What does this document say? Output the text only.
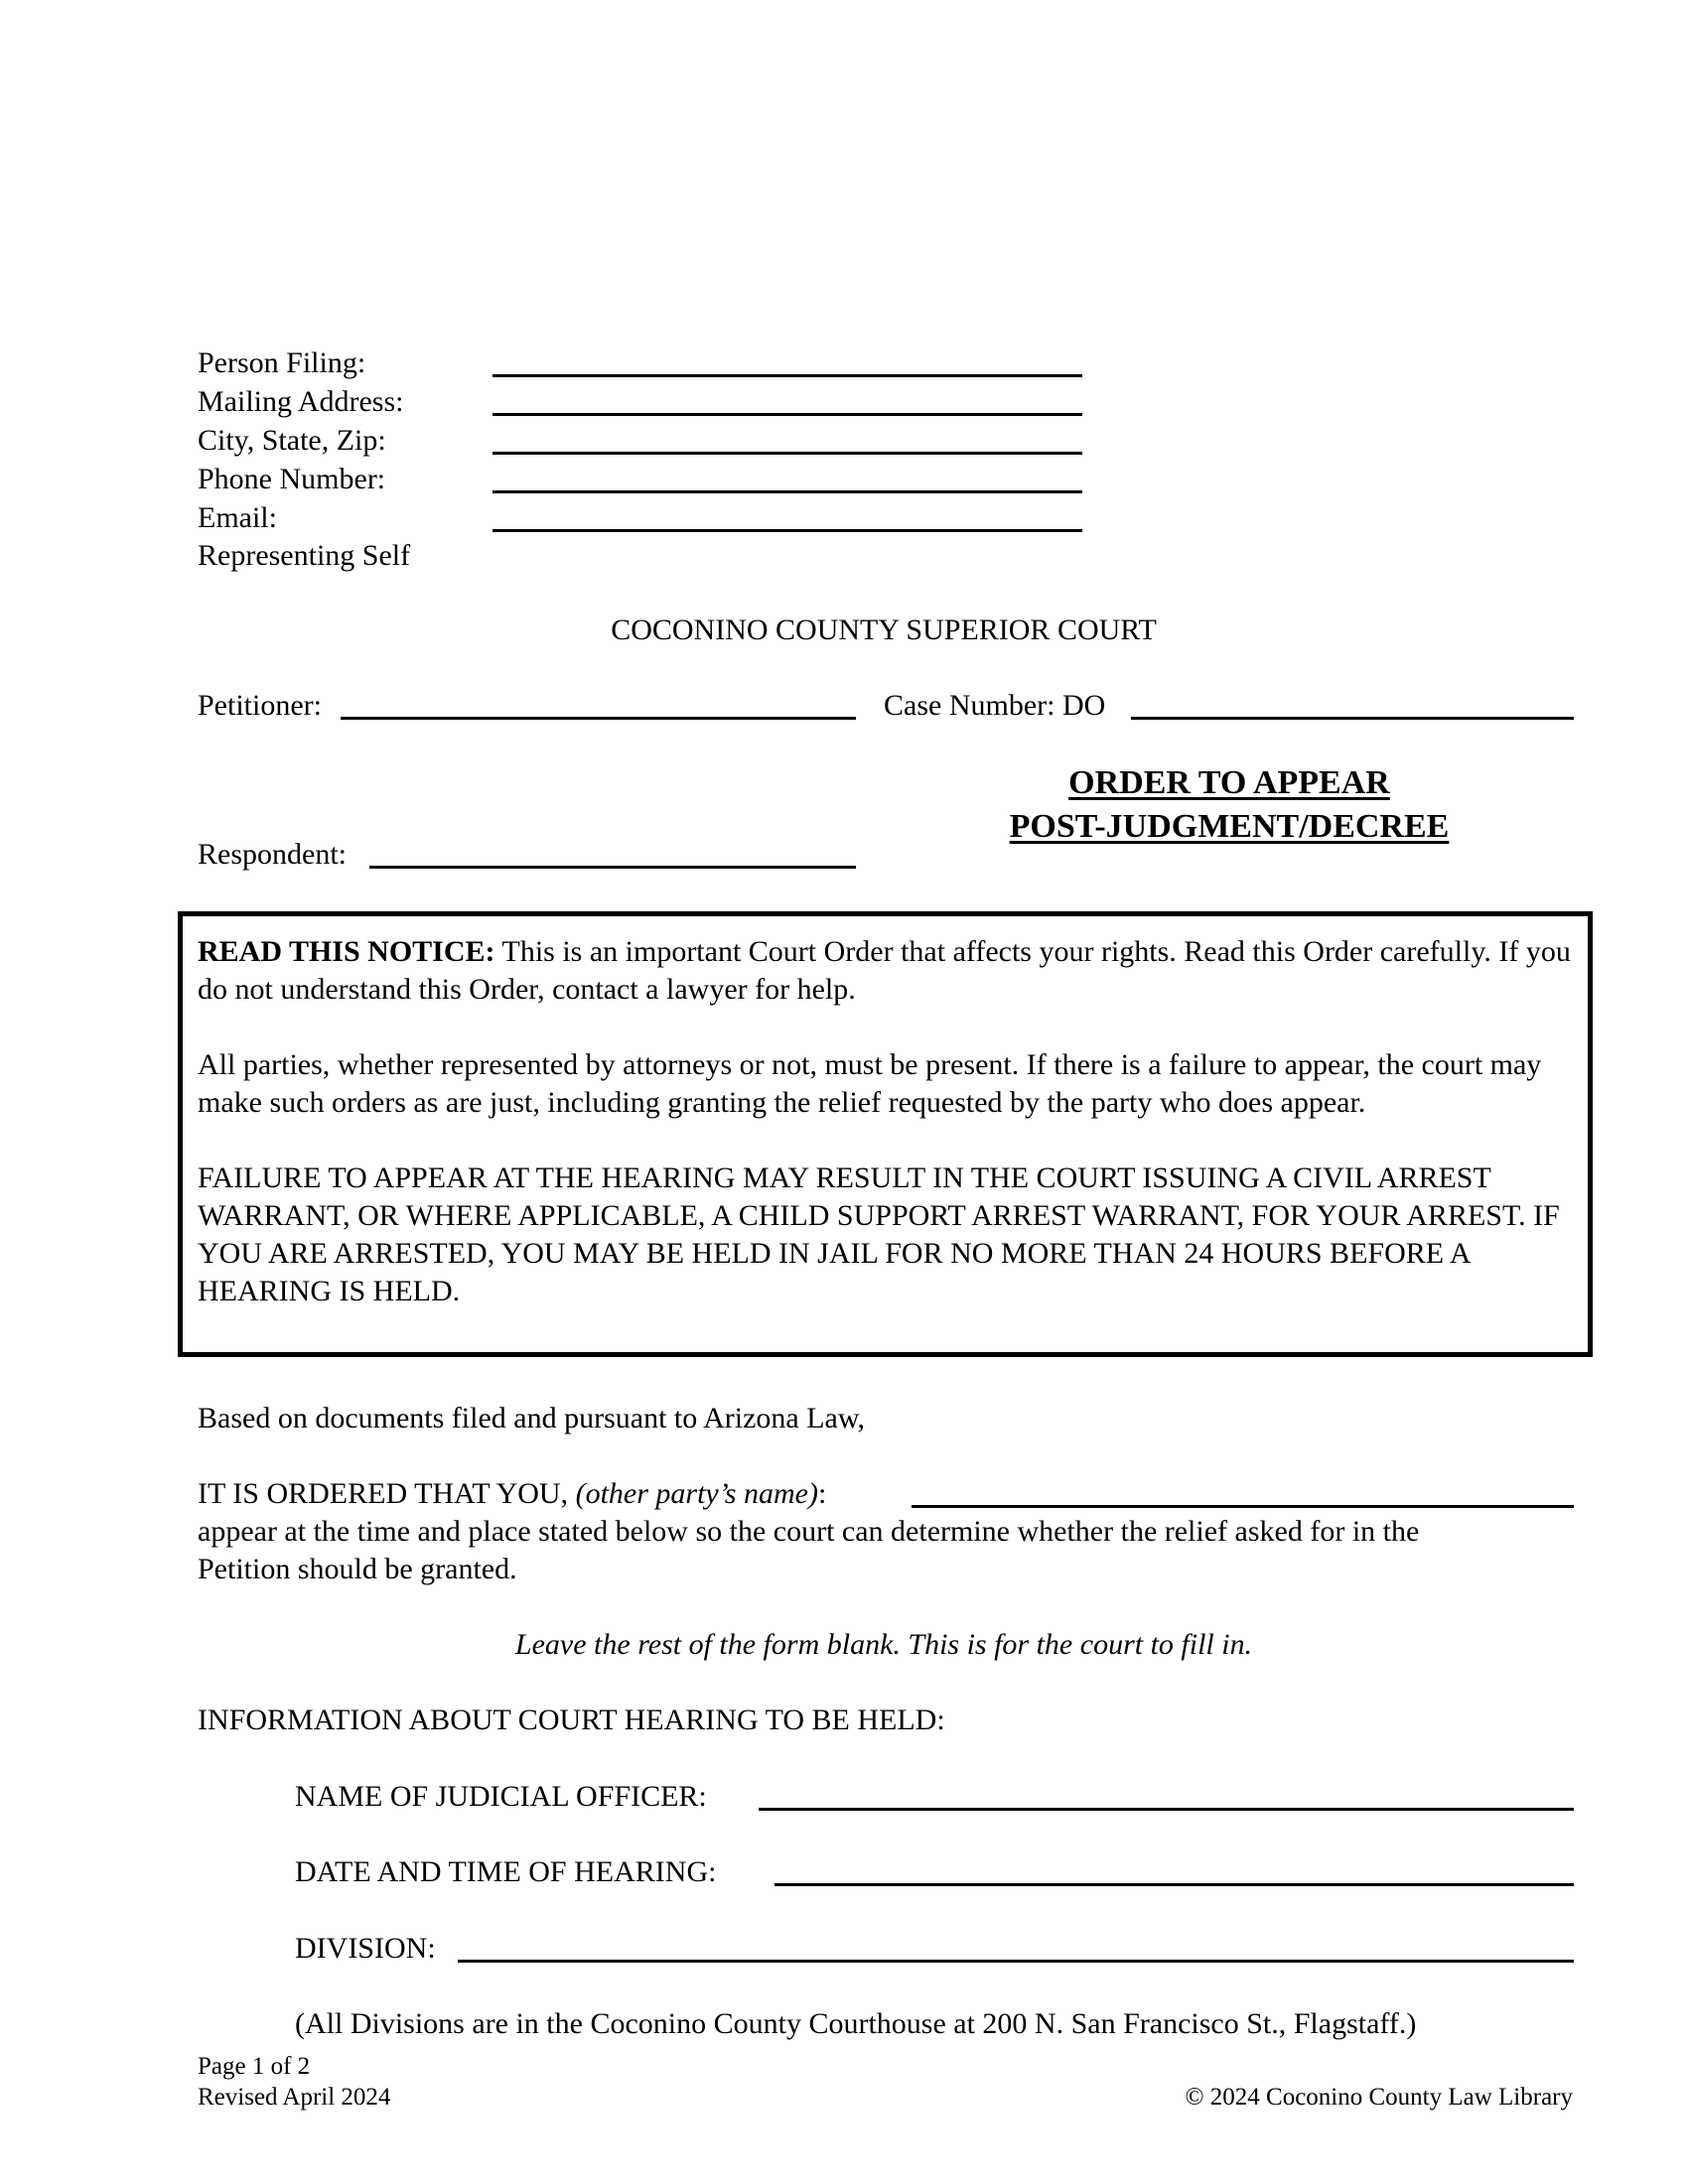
Person Filing:
Mailing Address:
City, State, Zip:
Phone Number:
Email:
Representing Self
COCONINO COUNTY SUPERIOR COURT
Petitioner:	Case Number: DO
ORDER TO APPEAR
POST-JUDGMENT/DECREE
Respondent:

READ THIS NOTICE: This is an important Court Order that affects your rights. Read this Order carefully. If you do not understand this Order, contact a lawyer for help.

All parties, whether represented by attorneys or not, must be present. If there is a failure to appear, the court may make such orders as are just, including granting the relief requested by the party who does appear.

FAILURE TO APPEAR AT THE HEARING MAY RESULT IN THE COURT ISSUING A CIVIL ARREST WARRANT, OR WHERE APPLICABLE, A CHILD SUPPORT ARREST WARRANT, FOR YOUR ARREST. IF YOU ARE ARRESTED, YOU MAY BE HELD IN JAIL FOR NO MORE THAN 24 HOURS BEFORE A HEARING IS HELD.

Based on documents filed and pursuant to Arizona Law,
IT IS ORDERED THAT YOU, (other party’s name):
appear at the time and place stated below so the court can determine whether the relief asked for in the
Petition should be granted.
Leave the rest of the form blank. This is for the court to fill in.
INFORMATION ABOUT COURT HEARING TO BE HELD:
NAME OF JUDICIAL OFFICER:
DATE AND TIME OF HEARING:
DIVISION:
(All Divisions are in the Coconino County Courthouse at 200 N. San Francisco St., Flagstaff.)
Page 1 of 2
Revised April 2024	© 2024 Coconino County Law Library
